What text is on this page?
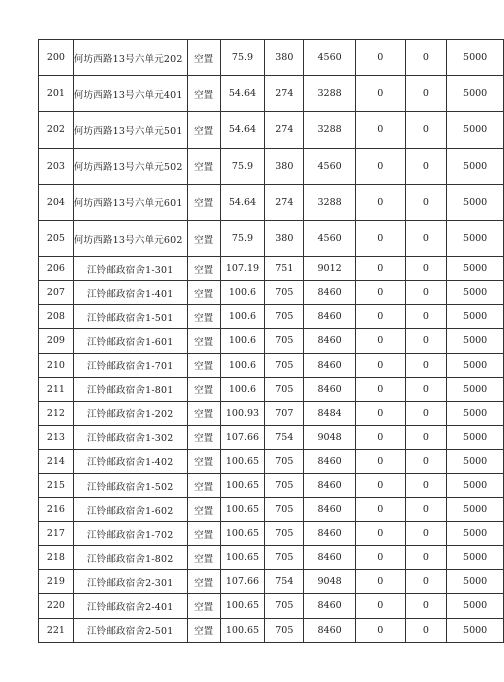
200	何坊西路13号六单元202	空置	75.9	380	4560	0	0	5000
201	何坊西路13号六单元401	空置	54.64	274	3288	0	0	5000
202	何坊西路13号六单元501	空置	54.64	274	3288	0	0	5000
203	何坊西路13号六单元502	空置	75.9	380	4560	0	0	5000
204	何坊西路13号六单元601	空置	54.64	274	3288	0	0	5000
205	何坊西路13号六单元602	空置	75.9	380	4560	0	0	5000
206	江铃邮政宿舍1-301	空置	107.19	751	9012	0	0	5000
207	江铃邮政宿舍1-401	空置	100.6	705	8460	0	0	5000
208	江铃邮政宿舍1-501	空置	100.6	705	8460	0	0	5000
209	江铃邮政宿舍1-601	空置	100.6	705	8460	0	0	5000
210	江铃邮政宿舍1-701	空置	100.6	705	8460	0	0	5000
211	江铃邮政宿舍1-801	空置	100.6	705	8460	0	0	5000
212	江铃邮政宿舍1-202	空置	100.93	707	8484	0	0	5000
213	江铃邮政宿舍1-302	空置	107.66	754	9048	0	0	5000
214	江铃邮政宿舍1-402	空置	100.65	705	8460	0	0	5000
215	江铃邮政宿舍1-502	空置	100.65	705	8460	0	0	5000
216	江铃邮政宿舍1-602	空置	100.65	705	8460	0	0	5000
217	江铃邮政宿舍1-702	空置	100.65	705	8460	0	0	5000
218	江铃邮政宿舍1-802	空置	100.65	705	8460	0	0	5000
219	江铃邮政宿舍2-301	空置	107.66	754	9048	0	0	5000
220	江铃邮政宿舍2-401	空置	100.65	705	8460	0	0	5000
221	江铃邮政宿舍2-501	空置	100.65	705	8460	0	0	5000
